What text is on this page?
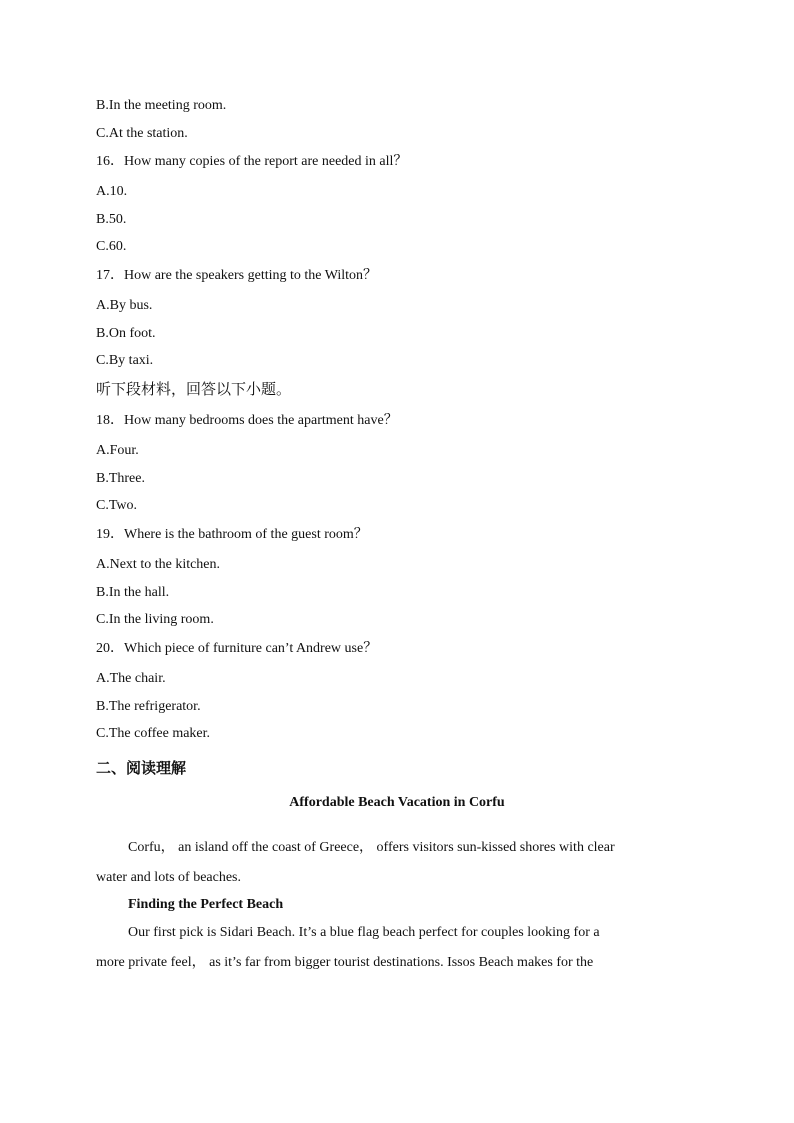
B.In the meeting room.
C.At the station.
16．How many copies of the report are needed in all？
A.10.
B.50.
C.60.
17．How are the speakers getting to the Wilton？
A.By bus.
B.On foot.
C.By taxi.
听下段材料，回答以下小题。
18．How many bedrooms does the apartment have？
A.Four.
B.Three.
C.Two.
19．Where is the bathroom of the guest room？
A.Next to the kitchen.
B.In the hall.
C.In the living room.
20．Which piece of furniture can’t Andrew use？
A.The chair.
B.The refrigerator.
C.The coffee maker.
二、阅读理解
Affordable Beach Vacation in Corfu
Corfu， an island off the coast of Greece， offers visitors sun-kissed shores with clear
water and lots of beaches.
Finding the Perfect Beach
Our first pick is Sidari Beach. It’s a blue flag beach perfect for couples looking for a
more private feel， as it’s far from bigger tourist destinations. Issos Beach makes for the
